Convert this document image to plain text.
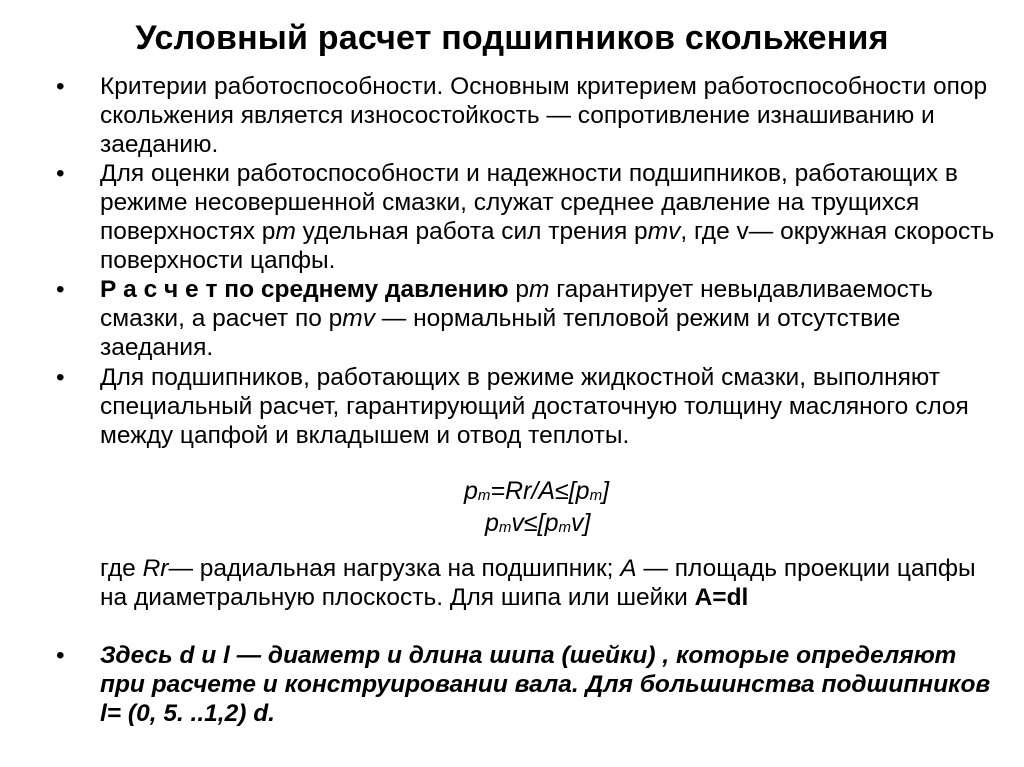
Условный расчет подшипников скольжения
• Критерии работоспособности. Основным критерием работоспособности опор скольжения является износостойкость — сопротивление изнашиванию и заеданию.

• Для оценки работоспособности и надежности подшипников, работающих в режиме несовершенной смазки, служат среднее давление на трущихся поверхностях pm удельная работа сил трения pmv, где v— окружная скорость поверхности цапфы.

• Р а с ч е т по среднему давлению pm гарантирует невыдавливаемость смазки, а расчет по pmv — нормальный тепловой режим и отсутствие заедания.

• Для подшипников, работающих в режиме жидкостной смазки, выполняют специальный расчет, гарантирующий достаточную толщину масляного слоя между цапфой и вкладышем и отвод теплоты.

pm=Rr/A≤[pm]
pmv≤[pmv]

где Rr— радиальная нагрузка на подшипник; A — площадь проекции цапфы на диаметральную плоскость. Для шипа или шейки A=dl

• Здесь d и l — диаметр и длина шипа (шейки) , которые определяют при расчете и конструировании вала. Для большинства подшипников l= (0, 5. ..1,2) d.
